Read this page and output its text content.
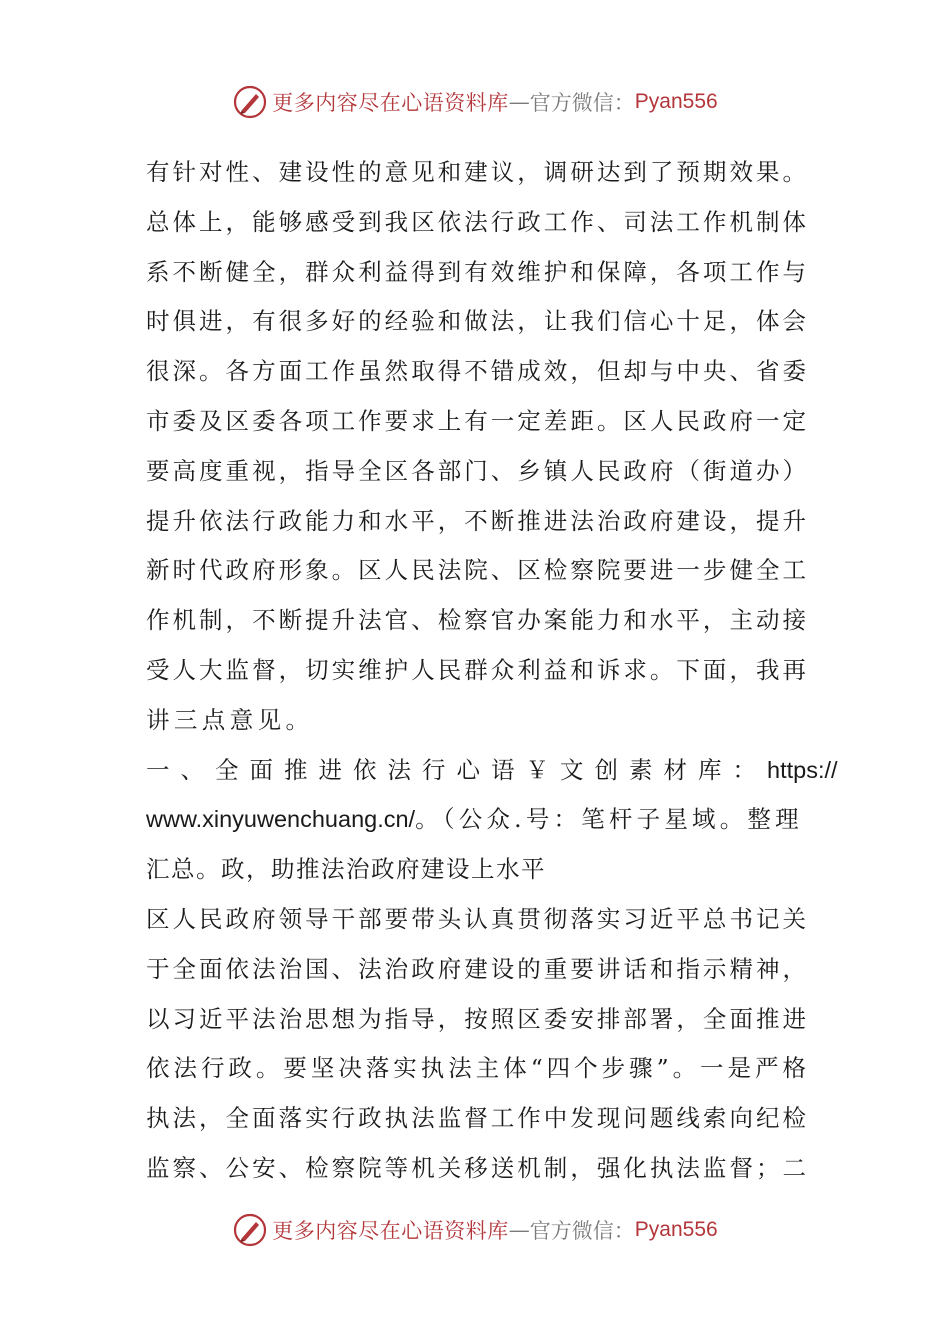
更多内容尽在心语资料库 — 官方微信： Pyan556
有针对性、建设性的意见和建议，调研达到了预期效果。
总体上，能够感受到我区依法行政工作、司法工作机制体
系不断健全，群众利益得到有效维护和保障，各项工作与
时俱进，有很多好的经验和做法，让我们信心十足，体会
很深。各方面工作虽然取得不错成效，但却与中央、省委
市委及区委各项工作要求上有一定差距。区人民政府一定
要高度重视，指导全区各部门、乡镇人民政府（街道办）
提升依法行政能力和水平，不断推进法治政府建设，提升
新时代政府形象。区人民法院、区检察院要进一步健全工
作机制，不断提升法官、检察官办案能力和水平，主动接
受人大监督，切实维护人民群众利益和诉求。下面，我再
讲三点意见。
一、全面推进依法行心语￥文创素材库：https://
www.xinyuwenchuang.cn/。（公众.号：笔杆子星域。整理
汇总。政，助推法治政府建设上水平
区人民政府领导干部要带头认真贯彻落实习近平总书记关
于全面依法治国、法治政府建设的重要讲话和指示精神，
以习近平法治思想为指导，按照区委安排部署，全面推进
依法行政。要坚决落实执法主体“四个步骤”。一是严格
执法，全面落实行政执法监督工作中发现问题线索向纪检
监察、公安、检察院等机关移送机制，强化执法监督；二
更多内容尽在心语资料库 — 官方微信： Pyan556
